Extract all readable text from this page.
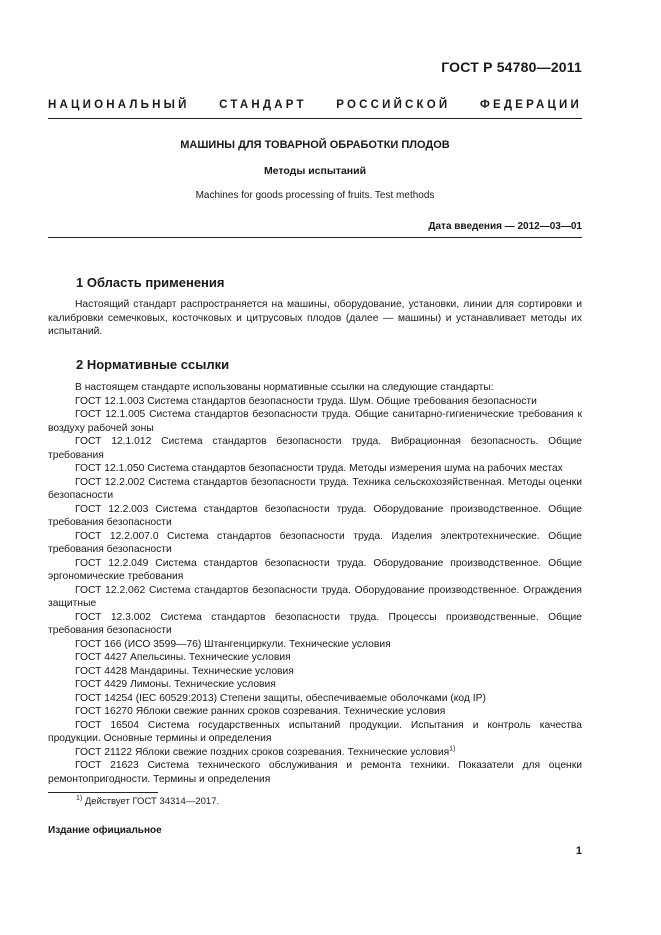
ГОСТ Р 54780—2011
НАЦИОНАЛЬНЫЙ СТАНДАРТ РОССИЙСКОЙ ФЕДЕРАЦИИ
МАШИНЫ ДЛЯ ТОВАРНОЙ ОБРАБОТКИ ПЛОДОВ
Методы испытаний
Machines for goods processing of fruits. Test methods
Дата введения — 2012—03—01
1 Область применения
Настоящий стандарт распространяется на машины, оборудование, установки, линии для сортировки и калибровки семечковых, косточковых и цитрусовых плодов (далее — машины) и устанавливает методы их испытаний.
2 Нормативные ссылки
В настоящем стандарте использованы нормативные ссылки на следующие стандарты:
ГОСТ 12.1.003 Система стандартов безопасности труда. Шум. Общие требования безопасности
ГОСТ 12.1.005 Система стандартов безопасности труда. Общие санитарно-гигиенические требования к воздуху рабочей зоны
ГОСТ 12.1.012 Система стандартов безопасности труда. Вибрационная безопасность. Общие требования
ГОСТ 12.1.050 Система стандартов безопасности труда. Методы измерения шума на рабочих местах
ГОСТ 12.2.002 Система стандартов безопасности труда. Техника сельскохозяйственная. Методы оценки безопасности
ГОСТ 12.2.003 Система стандартов безопасности труда. Оборудование производственное. Общие требования безопасности
ГОСТ 12.2.007.0 Система стандартов безопасности труда. Изделия электротехнические. Общие требования безопасности
ГОСТ 12.2.049 Система стандартов безопасности труда. Оборудование производственное. Общие эргономические требования
ГОСТ 12.2.062 Система стандартов безопасности труда. Оборудование производственное. Ограждения защитные
ГОСТ 12.3.002 Система стандартов безопасности труда. Процессы производственные. Общие требования безопасности
ГОСТ 166 (ИСО 3599—76) Штангенциркули. Технические условия
ГОСТ 4427 Апельсины. Технические условия
ГОСТ 4428 Мандарины. Технические условия
ГОСТ 4429 Лимоны. Технические условия
ГОСТ 14254 (IEC 60529:2013) Степени защиты, обеспечиваемые оболочками (код IP)
ГОСТ 16270 Яблоки свежие ранних сроков созревания. Технические условия
ГОСТ 16504 Система государственных испытаний продукции. Испытания и контроль качества продукции. Основные термины и определения
ГОСТ 21122 Яблоки свежие поздних сроков созревания. Технические условия$^{1)}$
ГОСТ 21623 Система технического обслуживания и ремонта техники. Показатели для оценки ремонтопригодности. Термины и определения
$^{1)}$ Действует ГОСТ 34314—2017.
Издание официальное
1
